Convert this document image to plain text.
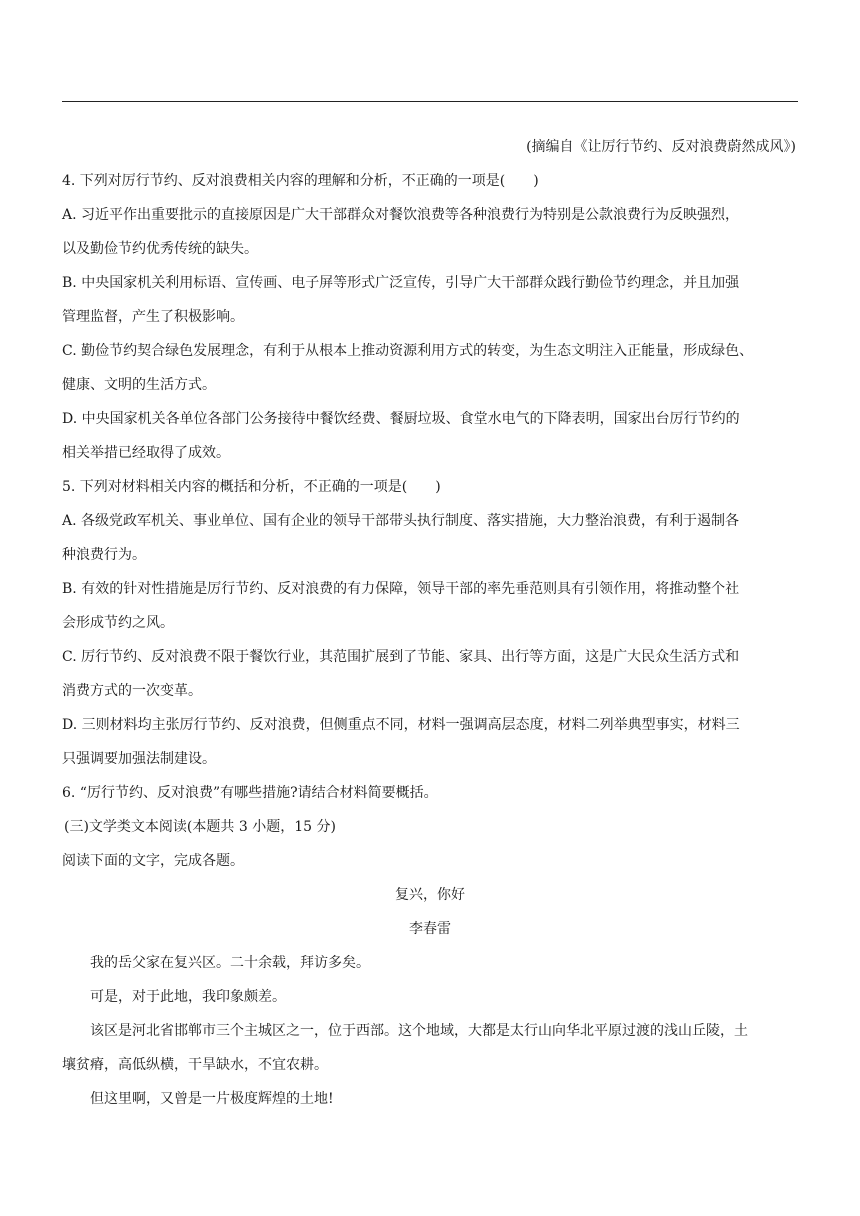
(摘编自《让厉行节约、反对浪费蔚然成风》)

4. 下列对厉行节约、反对浪费相关内容的理解和分析，不正确的一项是(　　)

A. 习近平作出重要批示的直接原因是广大干部群众对餐饮浪费等各种浪费行为特别是公款浪费行为反映强烈，

以及勤俭节约优秀传统的缺失。

B. 中央国家机关利用标语、宣传画、电子屏等形式广泛宣传，引导广大干部群众践行勤俭节约理念，并且加强

管理监督，产生了积极影响。

C. 勤俭节约契合绿色发展理念，有利于从根本上推动资源利用方式的转变，为生态文明注入正能量，形成绿色、

健康、文明的生活方式。

D. 中央国家机关各单位各部门公务接待中餐饮经费、餐厨垃圾、食堂水电气的下降表明，国家出台厉行节约的

相关举措已经取得了成效。

5. 下列对材料相关内容的概括和分析，不正确的一项是(　　)

A. 各级党政军机关、事业单位、国有企业的领导干部带头执行制度、落实措施，大力整治浪费，有利于遏制各

种浪费行为。

B. 有效的针对性措施是厉行节约、反对浪费的有力保障，领导干部的率先垂范则具有引领作用，将推动整个社

会形成节约之风。

C. 厉行节约、反对浪费不限于餐饮行业，其范围扩展到了节能、家具、出行等方面，这是广大民众生活方式和

消费方式的一次变革。

D. 三则材料均主张厉行节约、反对浪费，但侧重点不同，材料一强调高层态度，材料二列举典型事实，材料三

只强调要加强法制建设。

6. “厉行节约、反对浪费”有哪些措施?请结合材料简要概括。

(三)文学类文本阅读(本题共 3 小题，15 分)

阅读下面的文字，完成各题。

复兴，你好

李春雷

我的岳父家在复兴区。二十余载，拜访多矣。

可是，对于此地，我印象颇差。

该区是河北省邯郸市三个主城区之一，位于西部。这个地域，大都是太行山向华北平原过渡的浅山丘陵，土

壤贫瘠，高低纵横，干旱缺水，不宜农耕。

但这里啊，又曾是一片极度辉煌的土地!
